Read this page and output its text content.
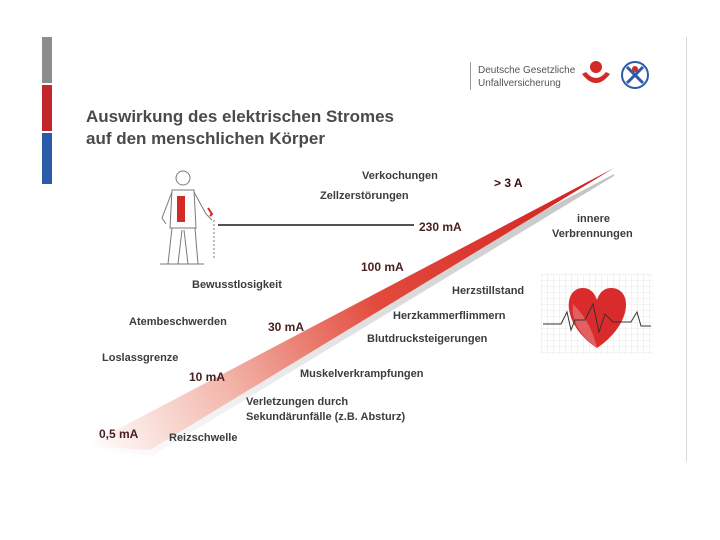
Deutsche Gesetzliche
Unfallversicherung
Auswirkung des elektrischen Stromes
auf den menschlichen Körper
0,5 mA
10 mA
30 mA
100 mA
230 mA
> 3 A
Reizschwelle
Loslassgrenze
Atembeschwerden
Bewusstlosigkeit
Zellzerstörungen
Verkochungen
innere
Verbrennungen
Herzstillstand
Herzkammerflimmern
Blutdrucksteigerungen
Muskelverkrampfungen
Verletzungen durch
Sekundärunfälle (z.B. Absturz)
